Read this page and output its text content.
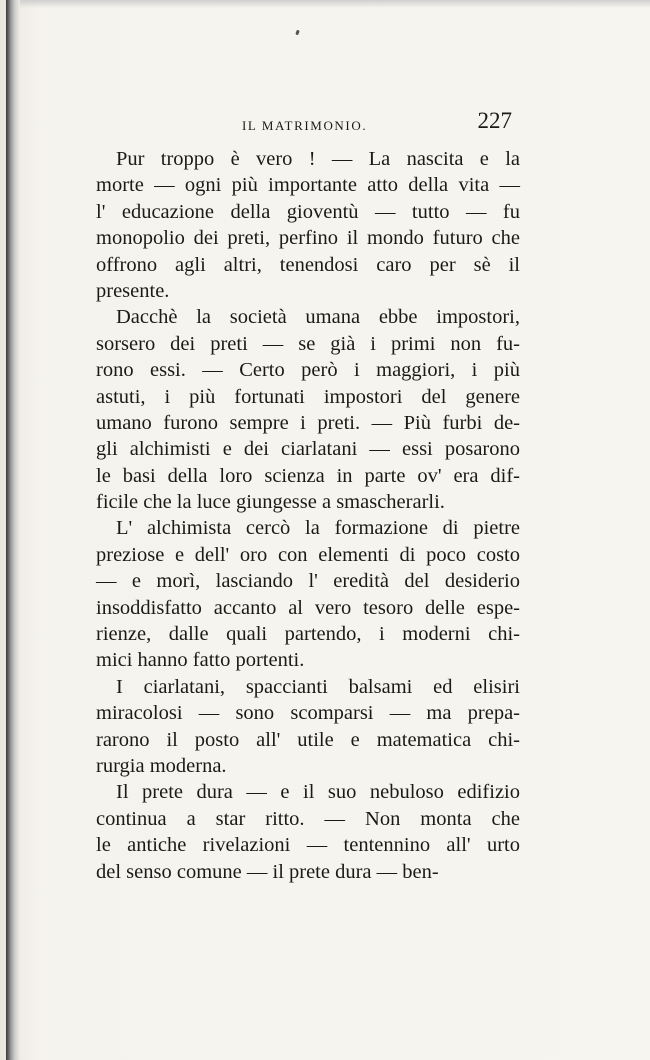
IL MATRIMONIO.	227
Pur troppo è vero ! — La nascita e la
morte — ogni più importante atto della vita —
l' educazione della gioventù — tutto — fu
monopolio dei preti, perfino il mondo futuro che
offrono agli altri, tenendosi caro per sè il
presente.
Dacchè la società umana ebbe impostori,
sorsero dei preti — se già i primi non fu-
rono essi. — Certo però i maggiori, i più
astuti, i più fortunati impostori del genere
umano furono sempre i preti. — Più furbi de-
gli alchimisti e dei ciarlatani — essi posarono
le basi della loro scienza in parte ov' era dif-
ficile che la luce giungesse a smascherarli.
L' alchimista cercò la formazione di pietre
preziose e dell' oro con elementi di poco costo
— e morì, lasciando l' eredità del desiderio
insoddisfatto accanto al vero tesoro delle espe-
rienze, dalle quali partendo, i moderni chi-
mici hanno fatto portenti.
I ciarlatani, spaccianti balsami ed elisiri
miracolosi — sono scomparsi — ma prepa-
rarono il posto all' utile e matematica chi-
rurgia moderna.
Il prete dura — e il suo nebuloso edifizio
continua a star ritto. — Non monta che
le antiche rivelazioni — tentennino all' urto
del senso comune — il prete dura — ben-
